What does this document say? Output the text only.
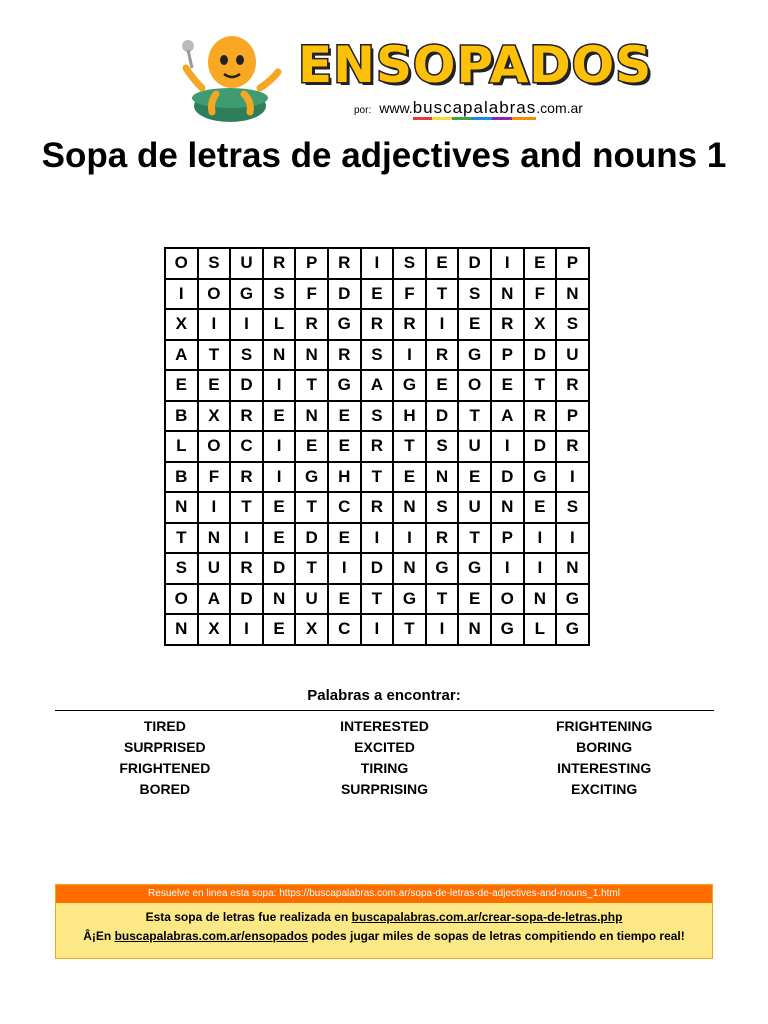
ENSOPADOS
por: www.buscapalabras.com.ar
Sopa de letras de adjectives and nouns 1
O	S	U	R	P	R	I	S	E	D	I	E	P
I	O	G	S	F	D	E	F	T	S	N	F	N
X	I	I	L	R	G	R	R	I	E	R	X	S
A	T	S	N	N	R	S	I	R	G	P	D	U
E	E	D	I	T	G	A	G	E	O	E	T	R
B	X	R	E	N	E	S	H	D	T	A	R	P
L	O	C	I	E	E	R	T	S	U	I	D	R
B	F	R	I	G	H	T	E	N	E	D	G	I
N	I	T	E	T	C	R	N	S	U	N	E	S
T	N	I	E	D	E	I	I	R	T	P	I	I
S	U	R	D	T	I	D	N	G	G	I	I	N
O	A	D	N	U	E	T	G	T	E	O	N	G
N	X	I	E	X	C	I	T	I	N	G	L	G
Palabras a encontrar:
TIRED
SURPRISED
FRIGHTENED
BORED
INTERESTED
EXCITED
TIRING
SURPRISING
FRIGHTENING
BORING
INTERESTING
EXCITING
Resuelve en linea esta sopa: https://buscapalabras.com.ar/sopa-de-letras-de-adjectives-and-nouns_1.html
Esta sopa de letras fue realizada en buscapalabras.com.ar/crear-sopa-de-letras.php
Â¡En buscapalabras.com.ar/ensopados podes jugar miles de sopas de letras compitiendo en tiempo real!
